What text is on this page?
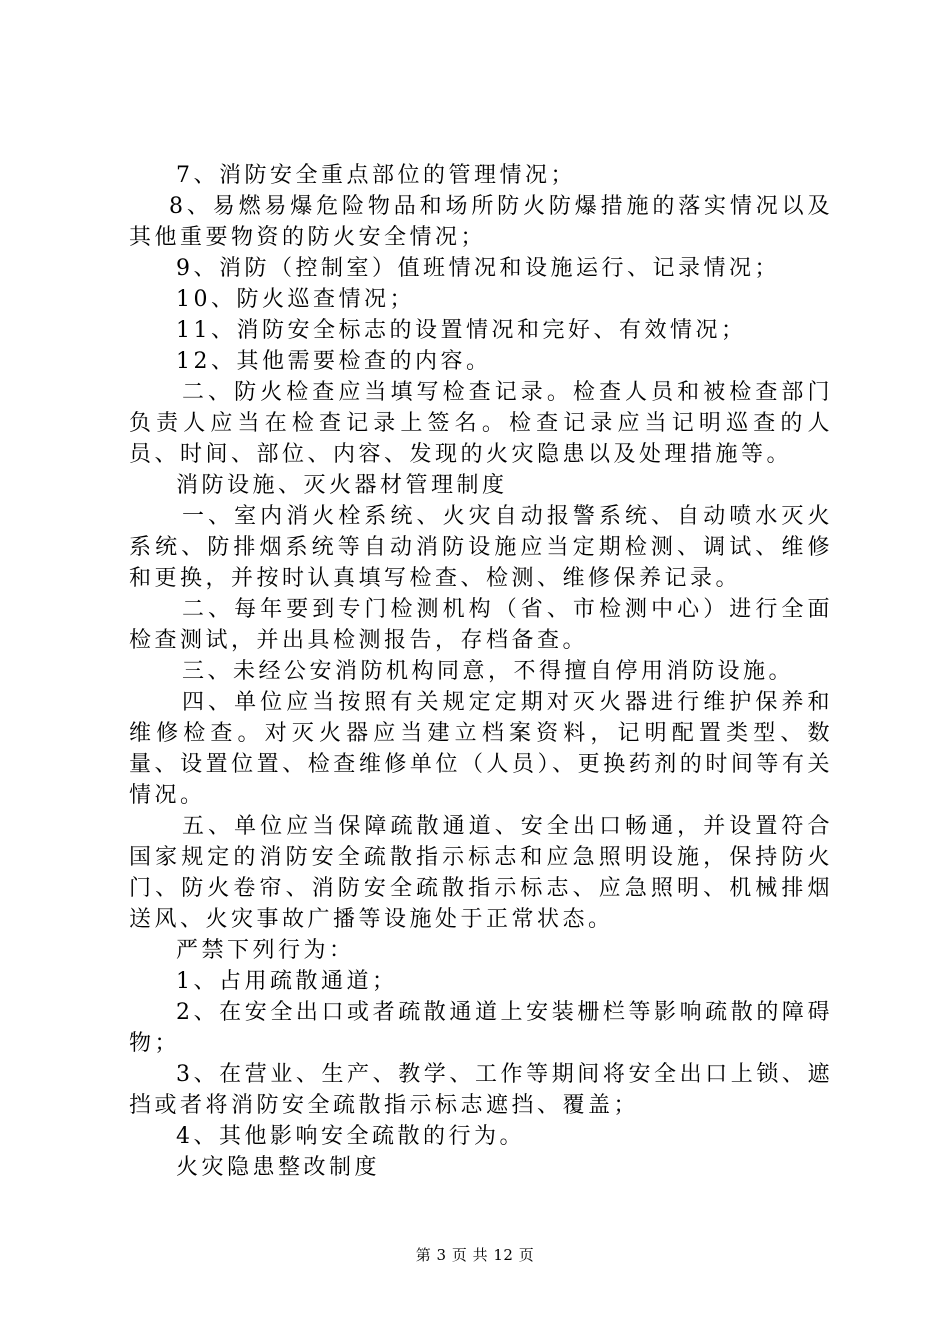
7、消防安全重点部位的管理情况；

8、易燃易爆危险物品和场所防火防爆措施的落实情况以及其他重要物资的防火安全情况；

9、消防（控制室）值班情况和设施运行、记录情况；

10、防火巡查情况；

11、消防安全标志的设置情况和完好、有效情况；

12、其他需要检查的内容。

二、防火检查应当填写检查记录。检查人员和被检查部门负责人应当在检查记录上签名。检查记录应当记明巡查的人员、时间、部位、内容、发现的火灾隐患以及处理措施等。

消防设施、灭火器材管理制度

一、室内消火栓系统、火灾自动报警系统、自动喷水灭火系统、防排烟系统等自动消防设施应当定期检测、调试、维修和更换，并按时认真填写检查、检测、维修保养记录。

二、每年要到专门检测机构（省、市检测中心）进行全面检查测试，并出具检测报告，存档备查。

三、未经公安消防机构同意，不得擅自停用消防设施。

四、单位应当按照有关规定定期对灭火器进行维护保养和维修检查。对灭火器应当建立档案资料，记明配置类型、数量、设置位置、检查维修单位（人员）、更换药剂的时间等有关情况。

五、单位应当保障疏散通道、安全出口畅通，并设置符合国家规定的消防安全疏散指示标志和应急照明设施，保持防火门、防火卷帘、消防安全疏散指示标志、应急照明、机械排烟送风、火灾事故广播等设施处于正常状态。

严禁下列行为：

1、占用疏散通道；

2、在安全出口或者疏散通道上安装栅栏等影响疏散的障碍物；

3、在营业、生产、教学、工作等期间将安全出口上锁、遮挡或者将消防安全疏散指示标志遮挡、覆盖；

4、其他影响安全疏散的行为。

火灾隐患整改制度

第 3 页 共 12 页
